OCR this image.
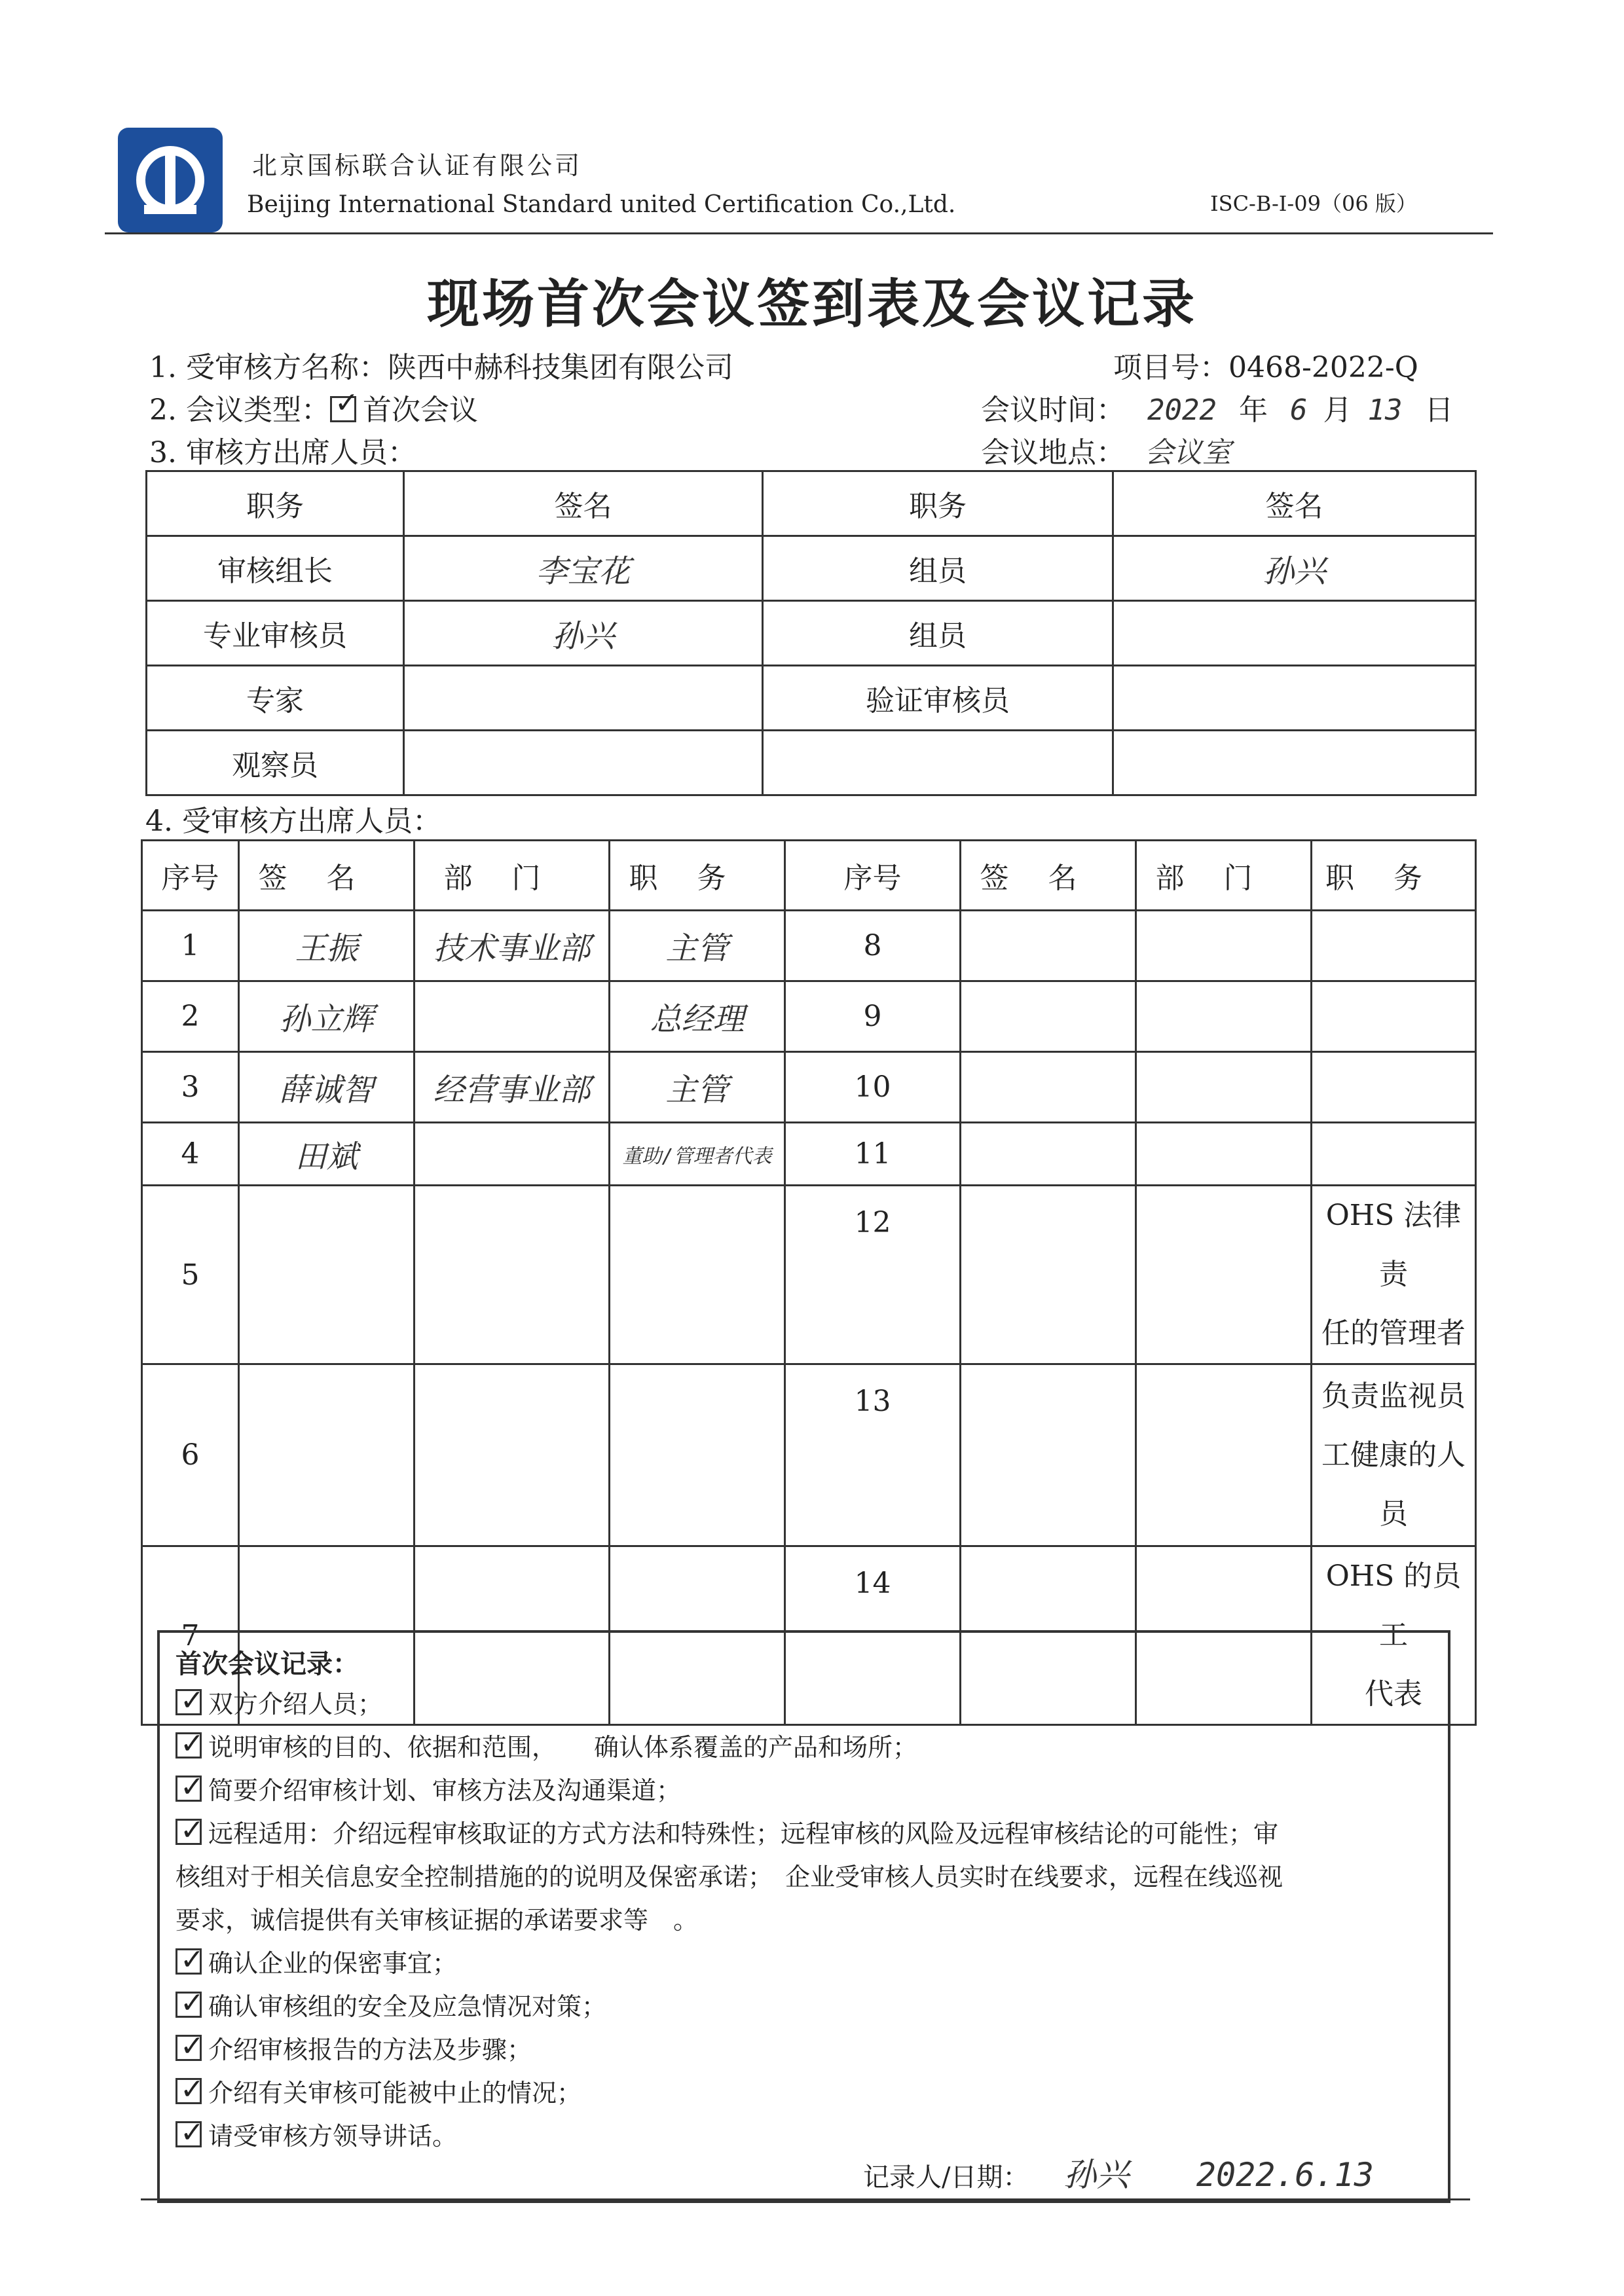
北京国标联合认证有限公司
Beijing International Standard united Certification Co.,Ltd.	ISC-B-I-09（06 版）
现场首次会议签到表及会议记录
1. 受审核方名称：陕西中赫科技集团有限公司	项目号：0468-2022-Q
2. 会议类型： ✓ 首次会议	会议时间： 2022 年 6 月 13 日
3. 审核方出席人员：	会议地点： 会议室
职务	签名	职务	签名
审核组长	李宝花	组员	孙兴
专业审核员	孙兴	组员	
专家		验证审核员	
观察员			
4. 受审核方出席人员：
序号	签名	部门	职务	序号	签名	部门	职务
1	王振	技术事业部	主管	8			
2	孙立辉		总经理	9			
3	薛诚智	经营事业部	主管	10			
4	田斌		董助/管理者代表	11			
5				12			OHS 法律责
任的管理者

6				13			负责监视员
工健康的人
员

7				14			OHS 的员工
代表
首次会议记录：
✓双方介绍人员；
✓说明审核的目的、依据和范围，　　确认体系覆盖的产品和场所；
✓简要介绍审核计划、审核方法及沟通渠道；
✓远程适用：介绍远程审核取证的方式方法和特殊性；远程审核的风险及远程审核结论的可能性；审
核组对于相关信息安全控制措施的的说明及保密承诺；　企业受审核人员实时在线要求，远程在线巡视
要求，诚信提供有关审核证据的承诺要求等　。
✓确认企业的保密事宜；
✓确认审核组的安全及应急情况对策；
✓介绍审核报告的方法及步骤；
✓介绍有关审核可能被中止的情况；
✓请受审核方领导讲话。
记录人/日期： 孙兴 2022.6.13
